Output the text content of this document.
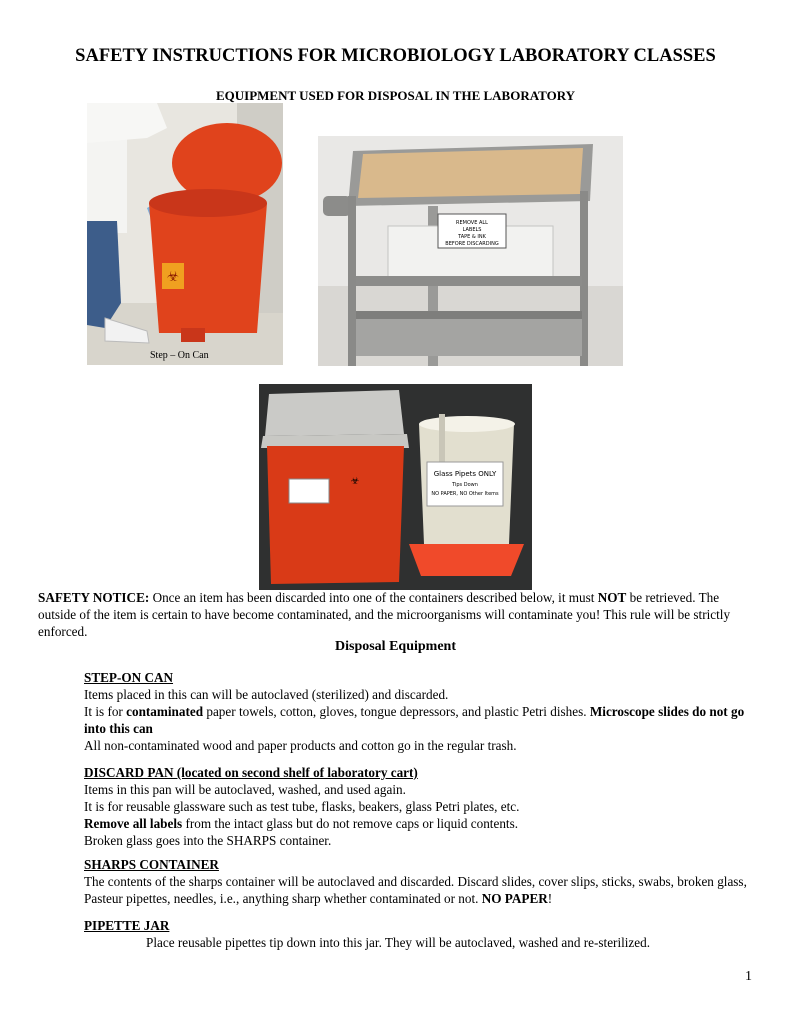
SAFETY INSTRUCTIONS FOR MICROBIOLOGY LABORATORY CLASSES
EQUIPMENT USED FOR DISPOSAL IN THE LABORATORY
☣
Step – On Can
REMOVE ALL
LABELS
TAPE & INK
BEFORE DISCARDING
☣
Glass Pipets ONLY
Tips Down
NO PAPER, NO Other Items
SAFETY NOTICE: Once an item has been discarded into one of the containers described below, it must NOT be retrieved. The outside of the item is certain to have become contaminated, and the microorganisms will contaminate you! This rule will be strictly enforced.
Disposal Equipment

STEP-ON CAN

Items placed in this can will be autoclaved (sterilized) and discarded.

It is for contaminated paper towels, cotton, gloves, tongue depressors, and plastic Petri dishes. Microscope slides do not go into this can

All non-contaminated wood and paper products and cotton go in the regular trash.

DISCARD PAN (located on second shelf of laboratory cart)

Items in this pan will be autoclaved, washed, and used again.

It is for reusable glassware such as test tube, flasks, beakers, glass Petri plates, etc.

Remove all labels from the intact glass but do not remove caps or liquid contents.

Broken glass goes into the SHARPS container.

SHARPS CONTAINER

The contents of the sharps container will be autoclaved and discarded. Discard slides, cover slips, sticks, swabs, broken glass, Pasteur pipettes, needles, i.e., anything sharp whether contaminated or not. NO PAPER!

PIPETTE JAR

Place reusable pipettes tip down into this jar. They will be autoclaved, washed and re-sterilized.

1
